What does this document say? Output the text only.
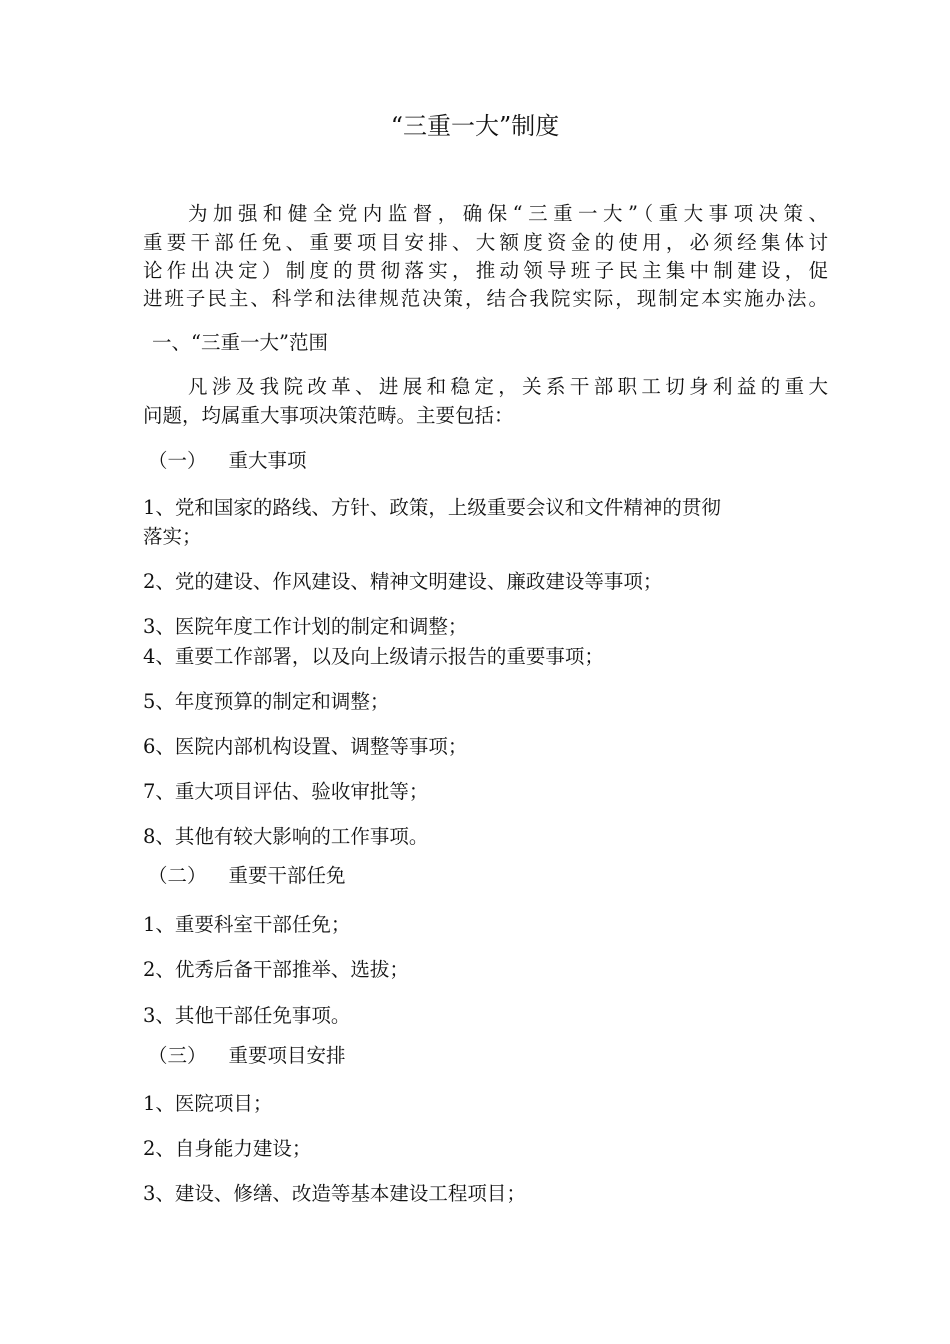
“三重一大”制度
为加强和健全党内监督，确保“三重一大”（重大事项决策、
重要干部任免、重要项目安排、大额度资金的使用，必须经集体讨
论作出决定）制度的贯彻落实，推动领导班子民主集中制建设，促
进班子民主、科学和法律规范决策，结合我院实际，现制定本实施办法。
一、“三重一大”范围
凡涉及我院改革、进展和稳定，关系干部职工切身利益的重大
问题，均属重大事项决策范畴。主要包括：
（一） 重大事项
1、党和国家的路线、方针、政策，上级重要会议和文件精神的贯彻
落实；
2、党的建设、作风建设、精神文明建设、廉政建设等事项；
3、医院年度工作计划的制定和调整；
4、重要工作部署，以及向上级请示报告的重要事项；
5、年度预算的制定和调整；
6、医院内部机构设置、调整等事项；
7、重大项目评估、验收审批等；
8、其他有较大影响的工作事项。
（二） 重要干部任免
1、重要科室干部任免；
2、优秀后备干部推举、选拔；
3、其他干部任免事项。
（三） 重要项目安排
1、医院项目；
2、自身能力建设；
3、建设、修缮、改造等基本建设工程项目；
